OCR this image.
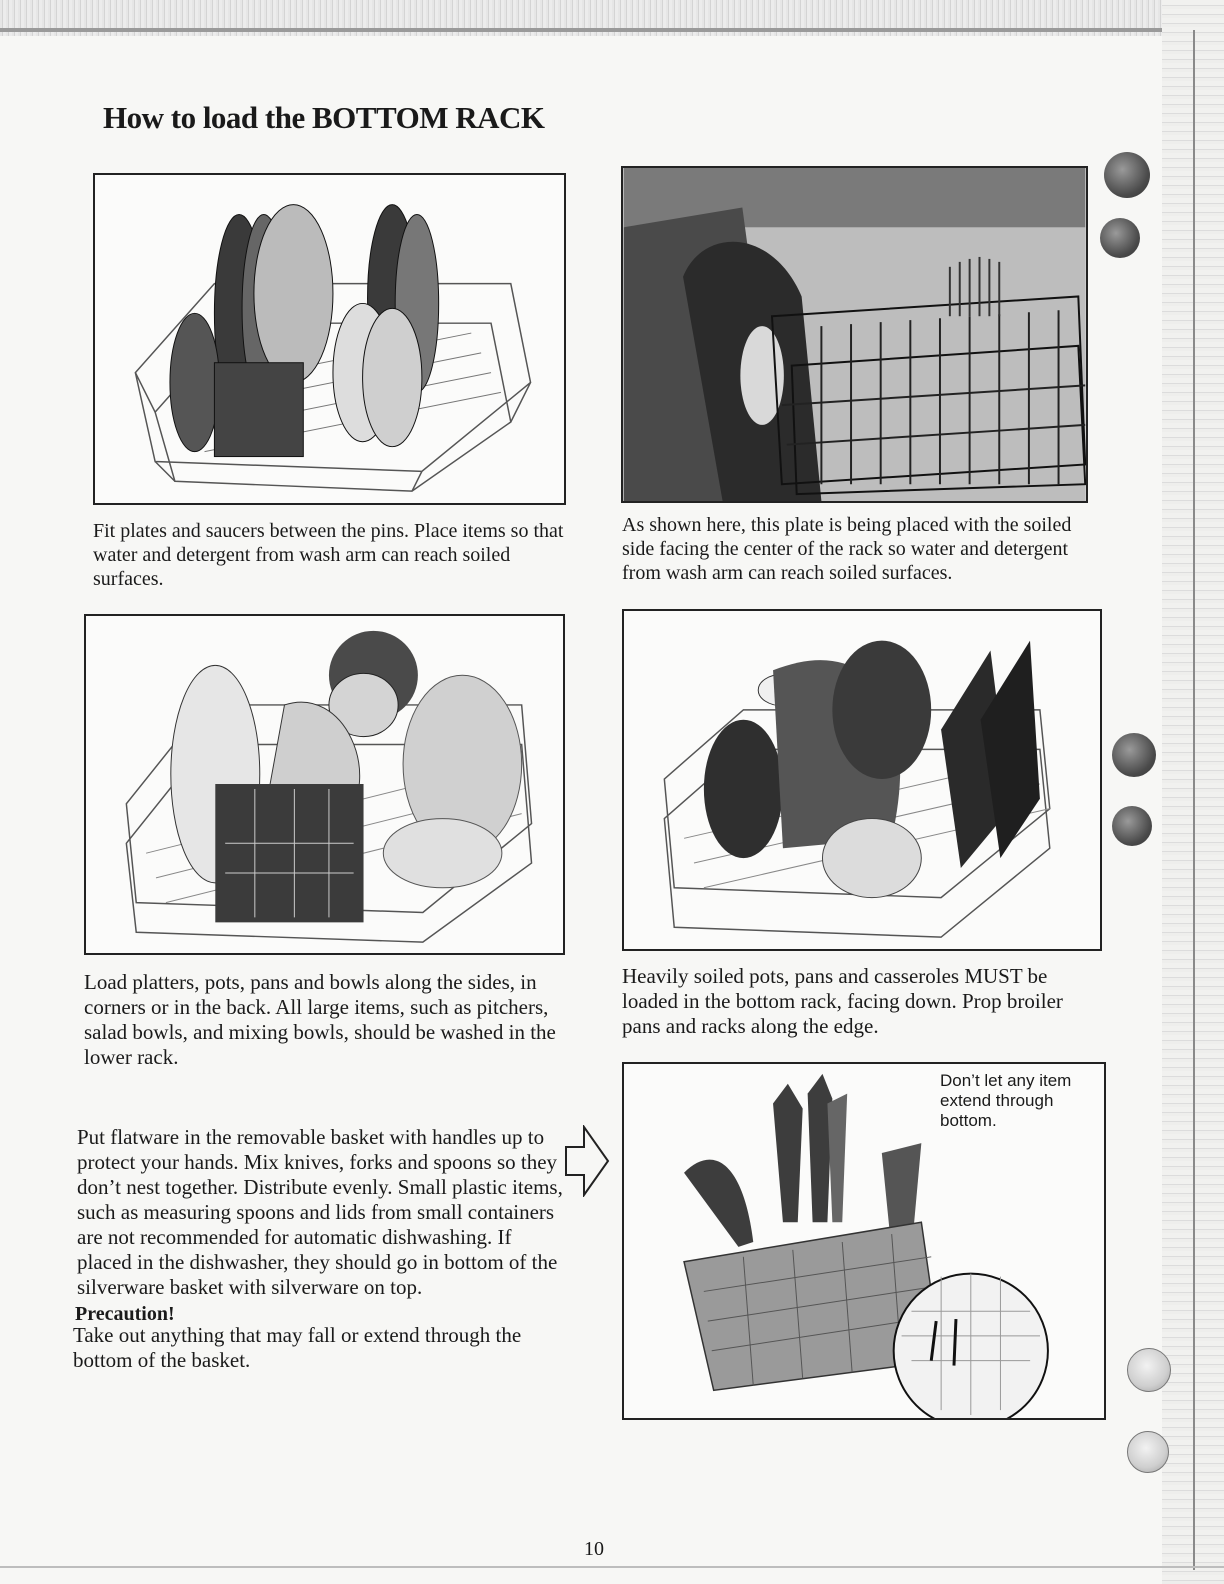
How to load the BOTTOM RACK

Fit plates and saucers between the pins. Place items so that water and detergent from wash arm can reach soiled surfaces.

As shown here, this plate is being placed with the soiled side facing the center of the rack so water and detergent from wash arm can reach soiled surfaces.

Load platters, pots, pans and bowls along the sides, in corners or in the back. All large items, such as pitchers, salad bowls, and mixing bowls, should be washed in the lower rack.

Heavily soiled pots, pans and casseroles MUST be loaded in the bottom rack, facing down. Prop broiler pans and racks along the edge.

Put flatware in the removable basket with handles up to protect your hands. Mix knives, forks and spoons so they don’t nest together. Distribute evenly. Small plastic items, such as measuring spoons and lids from small containers are not recommended for automatic dishwashing. If placed in the dishwasher, they should go in bottom of the silverware basket with silverware on top.

Precaution!

Take out anything that may fall or extend through the bottom of the basket.

Don’t let any item extend through bottom.

10
